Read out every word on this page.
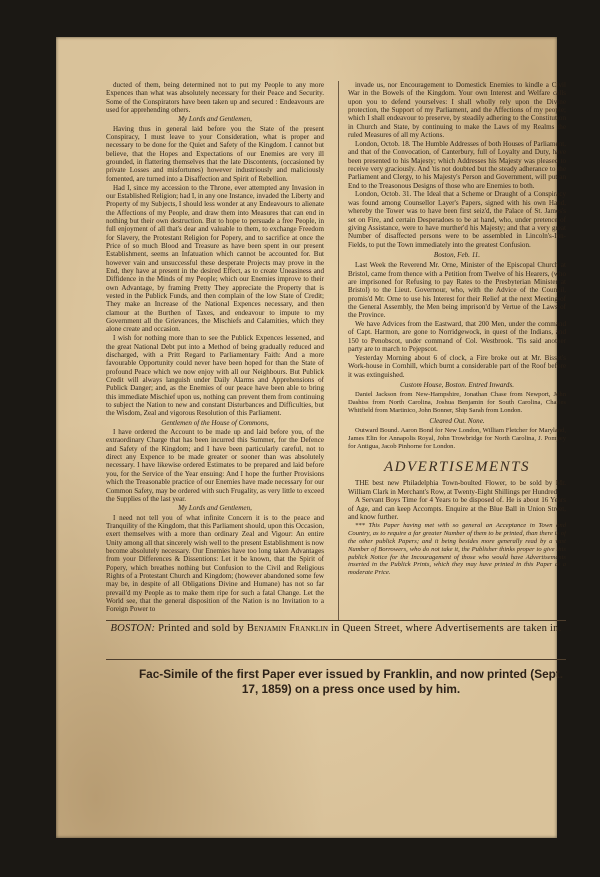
ducted of them, being determined not to put my People to any more Expences than what was absolutely necessary for their Peace and Security. Some of the Conspirators have been taken up and secured : Endeavours are used for apprehending others.

My Lords and Gentlemen,

Having thus in general laid before you the State of the present Conspiracy, I must leave to your Consideration, what is proper and necessary to be done for the Quiet and Safety of the Kingdom. I cannot but believe, that the Hopes and Expectations of our Enemies are very ill grounded, in flattering themselves that the late Discontents, (occasioned by private Losses and misfortunes) however industriously and maliciously fomented, are turned into a Disaffection and Spirit of Rebellion.

Had I, since my accession to the Throne, ever attempted any Invasion in our Established Religion; had I, in any one Instance, invaded the Liberty and Property of my Subjects, I should less wonder at any Endeavours to alienate the Affections of my People, and draw them into Measures that can end in nothing but their own destruction. But to hope to persuade a free People, in full enjoyment of all that's dear and valuable to them, to exchange Freedom for Slavery, the Protestant Religion for Popery, and to sacrifice at once the Price of so much Blood and Treasure as have been spent in our present Establishment, seems an Infatuation which cannot be accounted for. But however vain and unsuccessful these desperate Projects may prove in the End, they have at present in the desired Effect, as to create Uneasiness and Diffidence in the Minds of my People; which our Enemies improve to their own Advantage, by framing Pretty They appreciate the Property that is vested in the Publick Funds, and then complain of the low State of Credit; They make an Increase of the National Expences necessary, and then clamour at the Burthen of Taxes, and endeavour to impute to my Government all the Grievances, the Mischiefs and Calamities, which they alone create and occasion.

I wish for nothing more than to see the Publick Expences lessened, and the great National Debt put into a Method of being gradually reduced and discharged, with a Pritt Regard to Parliamentary Faith: And a more favourable Opportunity could never have been hoped for than the State of profound Peace which we now enjoy with all our Neighbours. But Publick Credit will always languish under Daily Alarms and Apprehensions of Publick Danger; and, as the Enemies of our peace have been able to bring this immediate Mischief upon us, nothing can prevent them from continuing to subject the Nation to new and constant Disturbances and Difficulties, but the Wisdom, Zeal and vigorous Resolution of this Parliament.

Gentlemen of the House of Commons,

I have ordered the Account to be made up and laid before you, of the extraordinary Charge that has been incurred this Summer, for the Defence and Safety of the Kingdom; and I have been particularly careful, not to direct any Expence to be made greater or sooner than was absolutely necessary. I have likewise ordered Estimates to be prepared and laid before you, for the Service of the Year ensuing: And I hope the further Provisions which the Treasonable practice of our Enemies have made necessary for our Common Safety, may be ordered with such Frugality, as very little to exceed the Supplies of the last year.

My Lords and Gentlemen,

I need not tell you of what infinite Concern it is to the peace and Tranquility of the Kingdom, that this Parliament should, upon this Occasion, exert themselves with a more than ordinary Zeal and Vigour: An entire Unity among all that sincerely wish well to the present Establishment is now become absolutely necessary. Our Enemies have too long taken Advantages from your Differences & Dissentions: Let it be known, that the Spirit of Popery, which breathes nothing but Confusion to the Civil and Religious Rights of a Protestant Church and Kingdom; (however abandoned some few may be, in despite of all Obligations Divine and Humane) has not so far prevail'd my People as to make them ripe for such a fatal Change. Let the World see, that the general disposition of the Nation is no Invitation to a Foreign Power to

invade us, nor Encouragement to Domestick Enemies to kindle a Civil War in the Bowels of the Kingdom. Your own Interest and Welfare calls upon you to defend yourselves: I shall wholly rely upon the Divine protection, the Support of my Parliament, and the Affections of my people; which I shall endeavour to preserve, by steadily adhering to the Constitution in Church and State, by continuing to make the Laws of my Realms the ruled Measures of all my Actions.

London, Octob. 18. The Humble Addresses of both Houses of Parliament, and that of the Convocation, of Canterbury, full of Loyalty and Duty, have been presented to his Majesty; which Addresses his Majesty was pleased to receive very graciously. And 'tis not doubted but the steady adherance to the Parliament and Clergy, to his Majesty's Person and Government, will put an End to the Treasonous Designs of those who are Enemies to both.

London, Octob. 31. The Ideal that a Scheme or Draught of a Conspiracy was found among Counsellor Layer's Papers, signed with his own Hand, whereby the Tower was to have been first seiz'd, the Palace of St. James's set on Fire, and certain Desperadoes to be at hand, who, under pretence of giving Assistance, were to have murther'd his Majesty; and that a very great Number of disaffected persons were to be assembled in Lincoln's-Inn-Fields, to put the Town immediately into the greatest Confusion.

Boston, Feb. 11.

Last Week the Reverend Mr. Orne, Minister of the Episcopal Church at Bristol, came from thence with a Petition from Twelve of his Hearers, (who are imprisoned for Refusing to pay Rates to the Presbyterian Minister at Bristol) to the Lieut. Governour, who, with the Advice of the Council, promis'd Mr. Orne to use his Interest for their Relief at the next Meeting of the General Assembly, the Men being imprison'd by Vertue of the Laws of the Province.

We have Advices from the Eastward, that 200 Men, under the command of Capt. Harmon, are gone to Norridgewock, in quest of the Indians, and 150 to Penobscot, under command of Col. Westbrook. 'Tis said another party are to march to Pejepscot.

Yesterday Morning about 6 of clock, a Fire broke out at Mr. Bisset's Work-house in Cornhill, which burnt a considerable part of the Roof before it was extinguished.

Custom House, Boston. Entred Inwards.

Daniel Jackson from New-Hampshire, Jonathan Chase from Newport, John Dashiss from North Carolina, Joshua Benjamin for South Carolina, Charles Whitfield from Martinico, John Bonner, Ship Sarah from London.

Cleared Out. None.

Outward Bound. Aaron Bond for New London, William Fletcher for Maryland, James Elin for Annapolis Royal, John Trowbridge for North Carolina, J. Pompey for Antigua, Jacob Pinhorne for London.

ADVERTISEMENTS

THE best new Philadelphia Town-boulted Flower, to be sold by Mr. William Clark in Merchant's Row, at Twenty-Eight Shillings per Hundred.

A Servant Boys Time for 4 Years to be disposed of. He is about 16 Years of Age, and can keep Accompts. Enquire at the Blue Ball in Union Street, and know further.

*** This Paper having met with so general an Acceptance in Town and Country, as to require a far greater Number of them to be printed, than there is of the other publick Papers; and it being besides more generally read by a vast Number of Borrowers, who do not take it, the Publisher thinks proper to give this publick Notice for the Incouragement of those who would have Advertisements inserted in the Publick Prints, which they may have printed in this Paper at a moderate Price.

BOSTON: Printed and sold by Benjamin Franklin in Queen Street, where Advertisements are taken in.
Fac-Simile of the first Paper ever issued by Franklin, and now printed (Sept. 17, 1859) on a press once used by him.
